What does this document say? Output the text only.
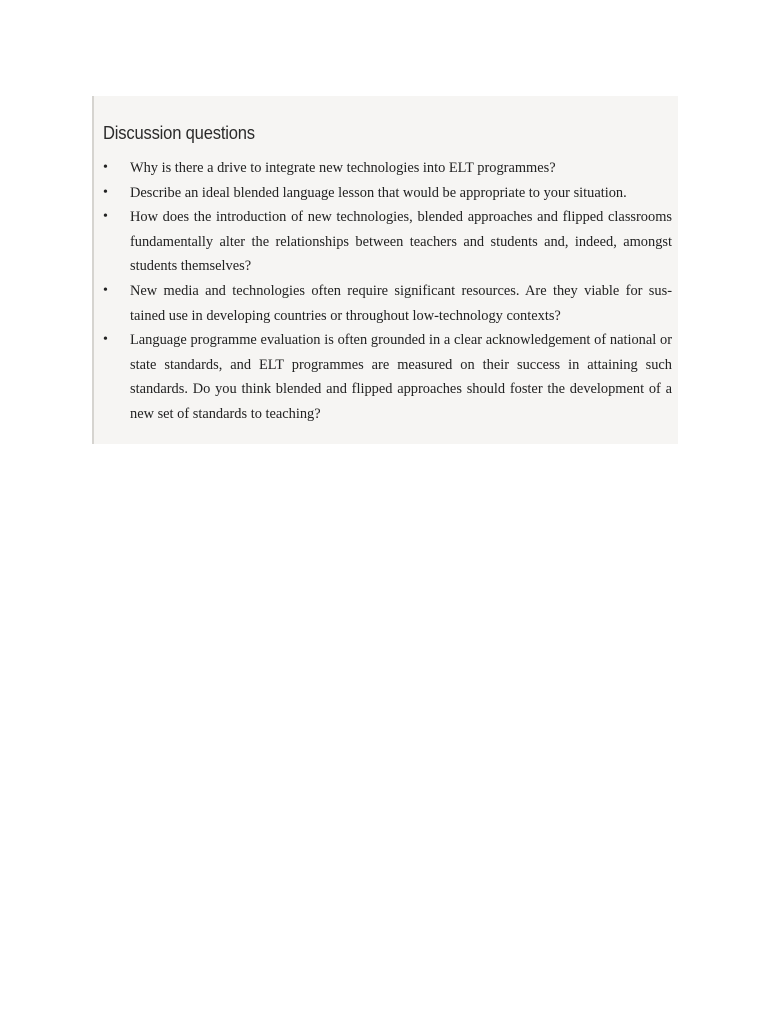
Discussion questions
• Why is there a drive to integrate new technologies into ELT programmes?
• Describe an ideal blended language lesson that would be appropriate to your situation.
• How does the introduction of new technologies, blended approaches and flipped classrooms fundamentally alter the relationships between teachers and students and, indeed, amongst students themselves?
• New media and technologies often require significant resources. Are they viable for sus-tained use in developing countries or throughout low-technology contexts?
• Language programme evaluation is often grounded in a clear acknowledgement of national or state standards, and ELT programmes are measured on their success in attaining such standards. Do you think blended and flipped approaches should foster the development of a new set of standards to teaching?
